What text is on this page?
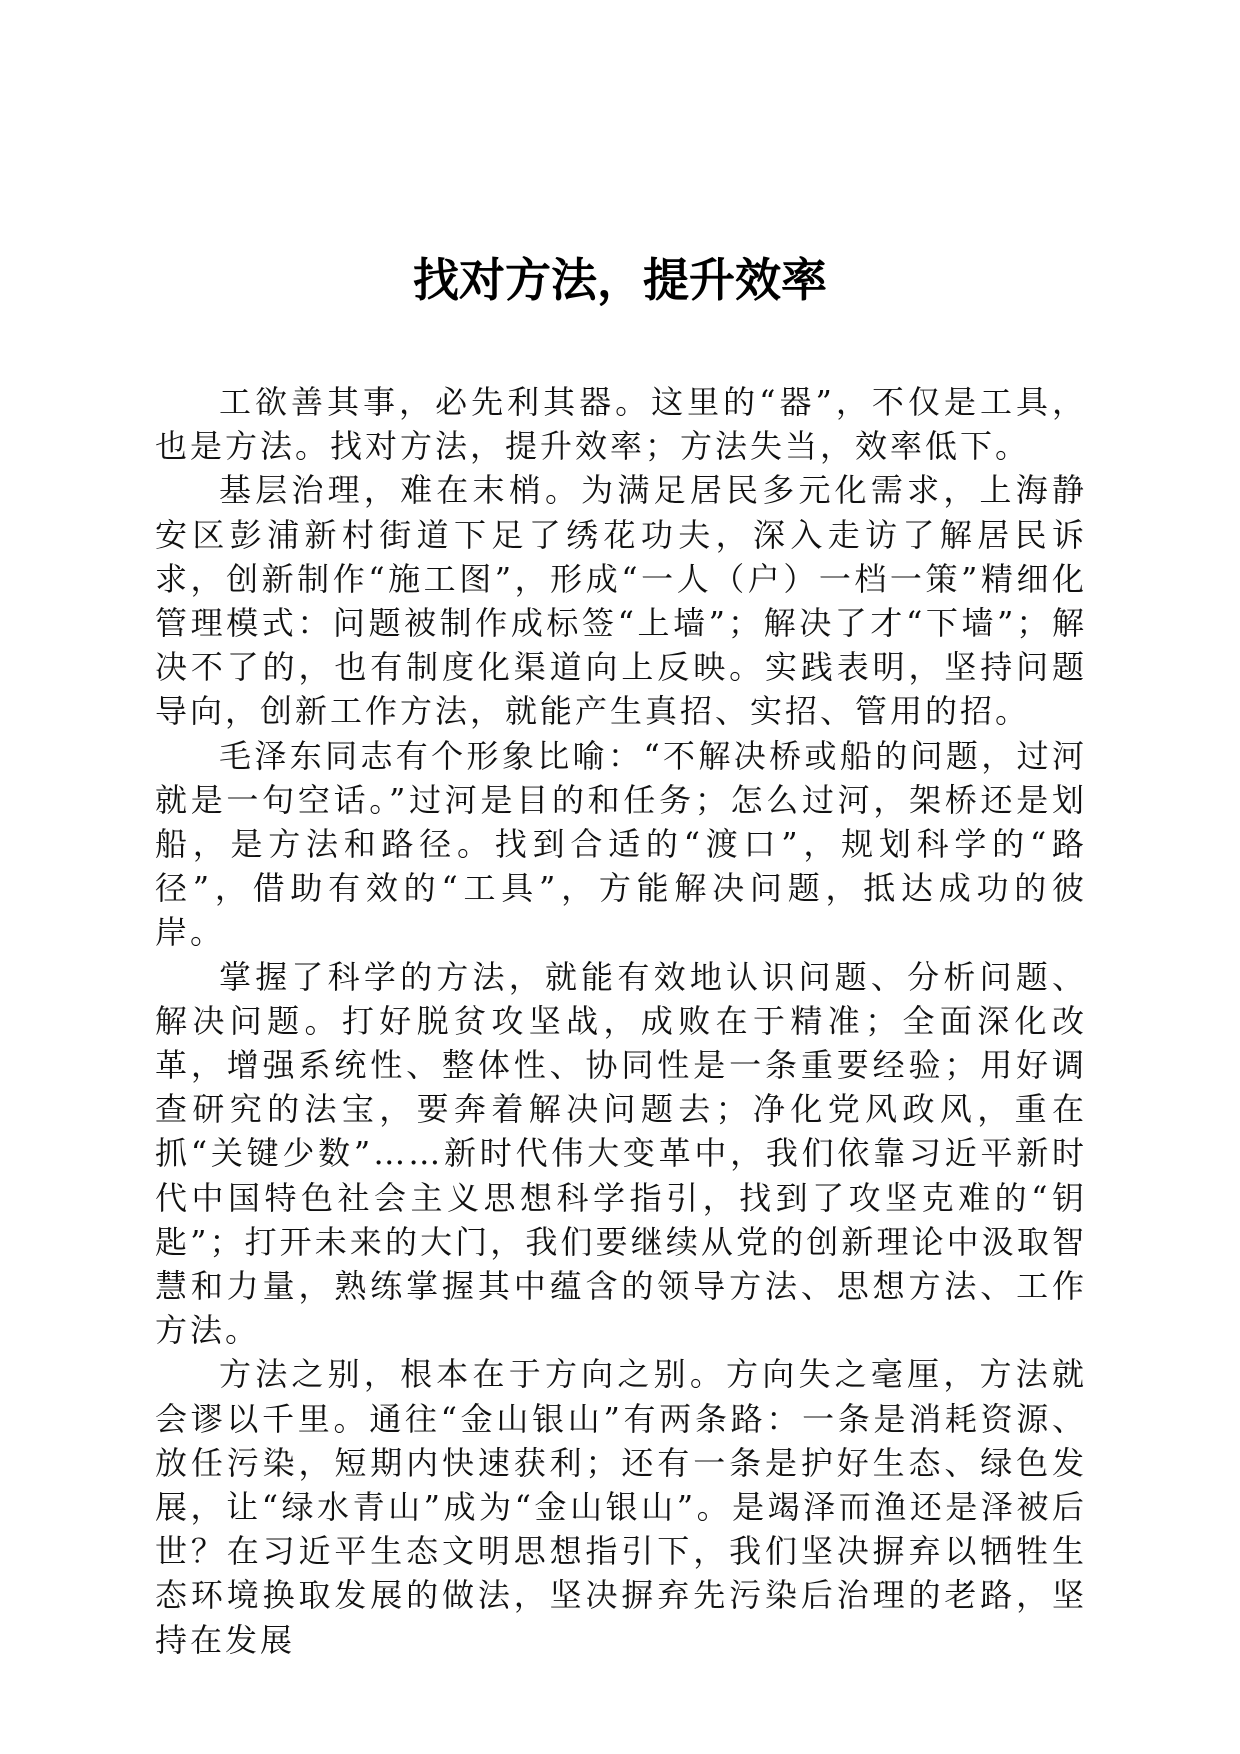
找对方法，提升效率

工欲善其事，必先利其器。这里的“器”，不仅是工具，也是方法。找对方法，提升效率；方法失当，效率低下。

基层治理，难在末梢。为满足居民多元化需求，上海静安区彭浦新村街道下足了绣花功夫，深入走访了解居民诉求，创新制作“施工图”，形成“一人（户）一档一策”精细化管理模式：问题被制作成标签“上墙”；解决了才“下墙”；解决不了的，也有制度化渠道向上反映。实践表明，坚持问题导向，创新工作方法，就能产生真招、实招、管用的招。

毛泽东同志有个形象比喻：“不解决桥或船的问题，过河就是一句空话。”过河是目的和任务；怎么过河，架桥还是划船，是方法和路径。找到合适的“渡口”，规划科学的“路径”，借助有效的“工具”，方能解决问题，抵达成功的彼岸。

掌握了科学的方法，就能有效地认识问题、分析问题、解决问题。打好脱贫攻坚战，成败在于精准；全面深化改革，增强系统性、整体性、协同性是一条重要经验；用好调查研究的法宝，要奔着解决问题去；净化党风政风，重在抓“关键少数”……新时代伟大变革中，我们依靠习近平新时代中国特色社会主义思想科学指引，找到了攻坚克难的“钥匙”；打开未来的大门，我们要继续从党的创新理论中汲取智慧和力量，熟练掌握其中蕴含的领导方法、思想方法、工作方法。

方法之别，根本在于方向之别。方向失之毫厘，方法就会谬以千里。通往“金山银山”有两条路：一条是消耗资源、放任污染，短期内快速获利；还有一条是护好生态、绿色发展，让“绿水青山”成为“金山银山”。是竭泽而渔还是泽被后世？在习近平生态文明思想指引下，我们坚决摒弃以牺牲生态环境换取发展的做法，坚决摒弃先污染后治理的老路，坚持在发展
